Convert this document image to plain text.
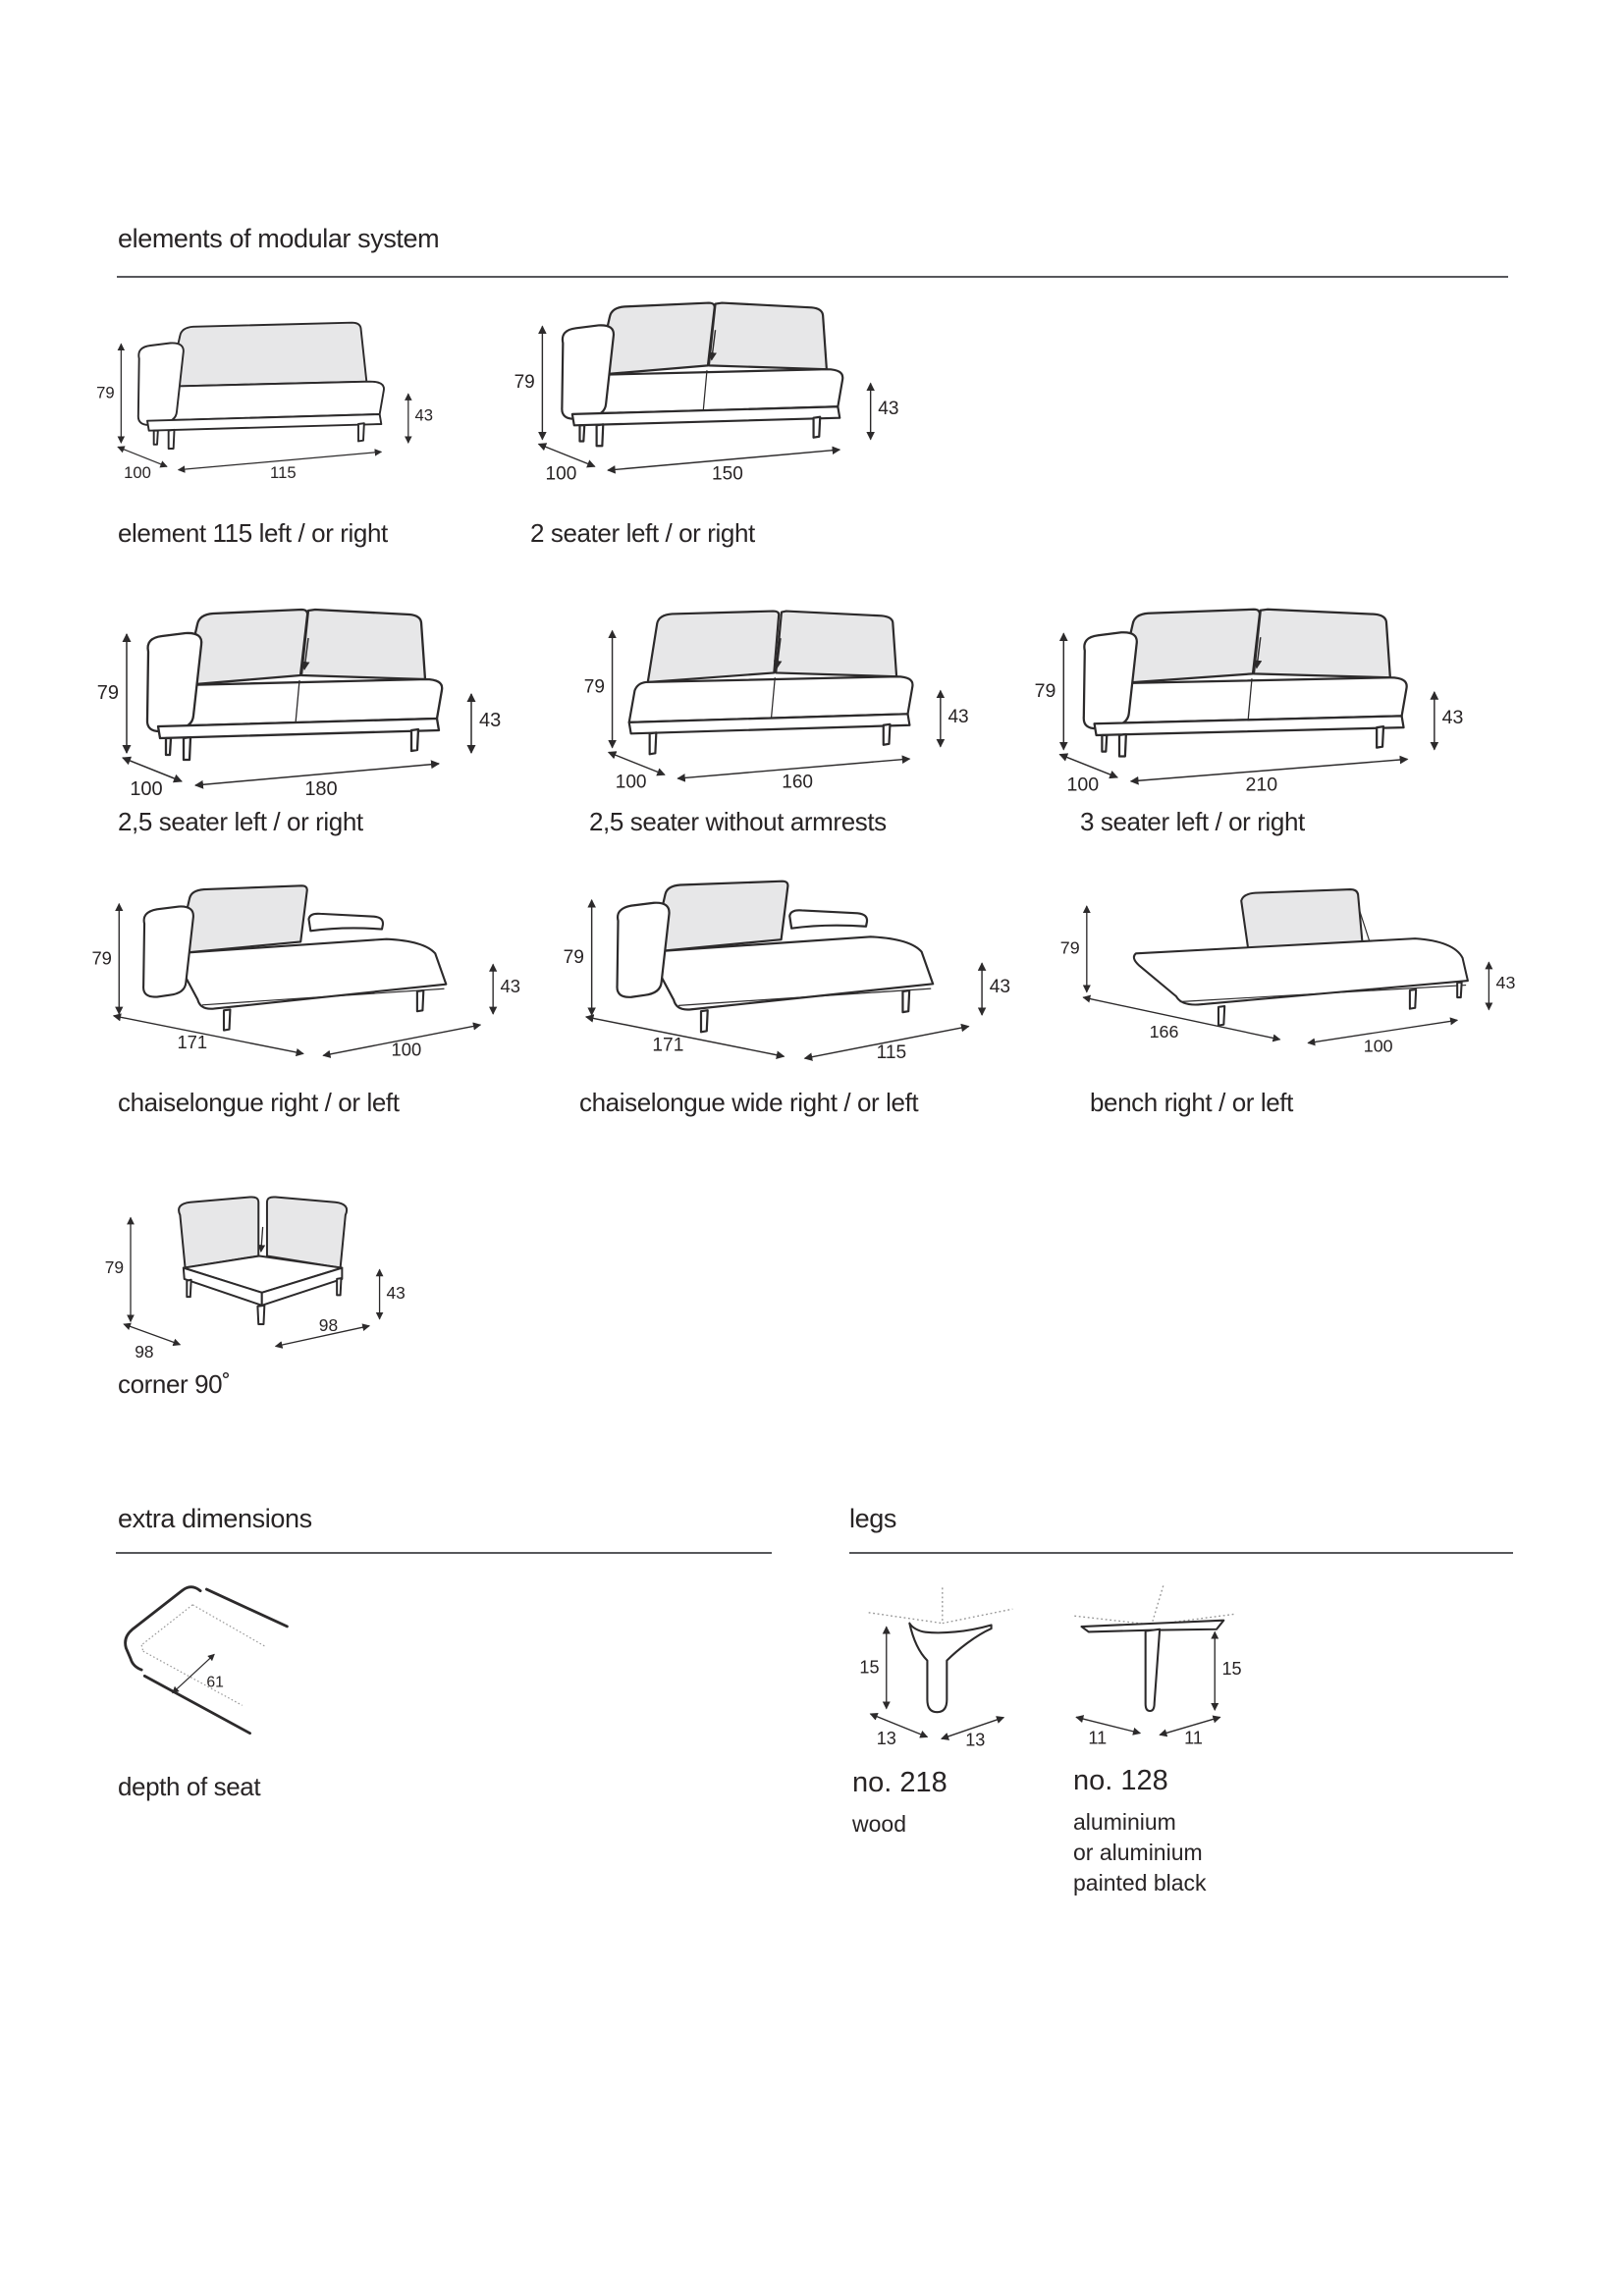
elements of modular system
79
43
100	115
element 115 left / or right
79
43
100	150
2 seater left / or right
79
43
100	180
2,5 seater left / or right
79
43
100	160
2,5 seater without armrests
79
43
100	210
3 seater left / or right
79
171
43
100
chaiselongue right / or left
79
171
43
115
chaiselongue wide right / or left
79
166
43
100
bench right / or left
79
43
98
98
corner 90˚
extra dimensions
61
depth of seat
legs
15
13	13
no. 218
wood
15
11	11
no. 128
aluminium
or aluminium
painted black
